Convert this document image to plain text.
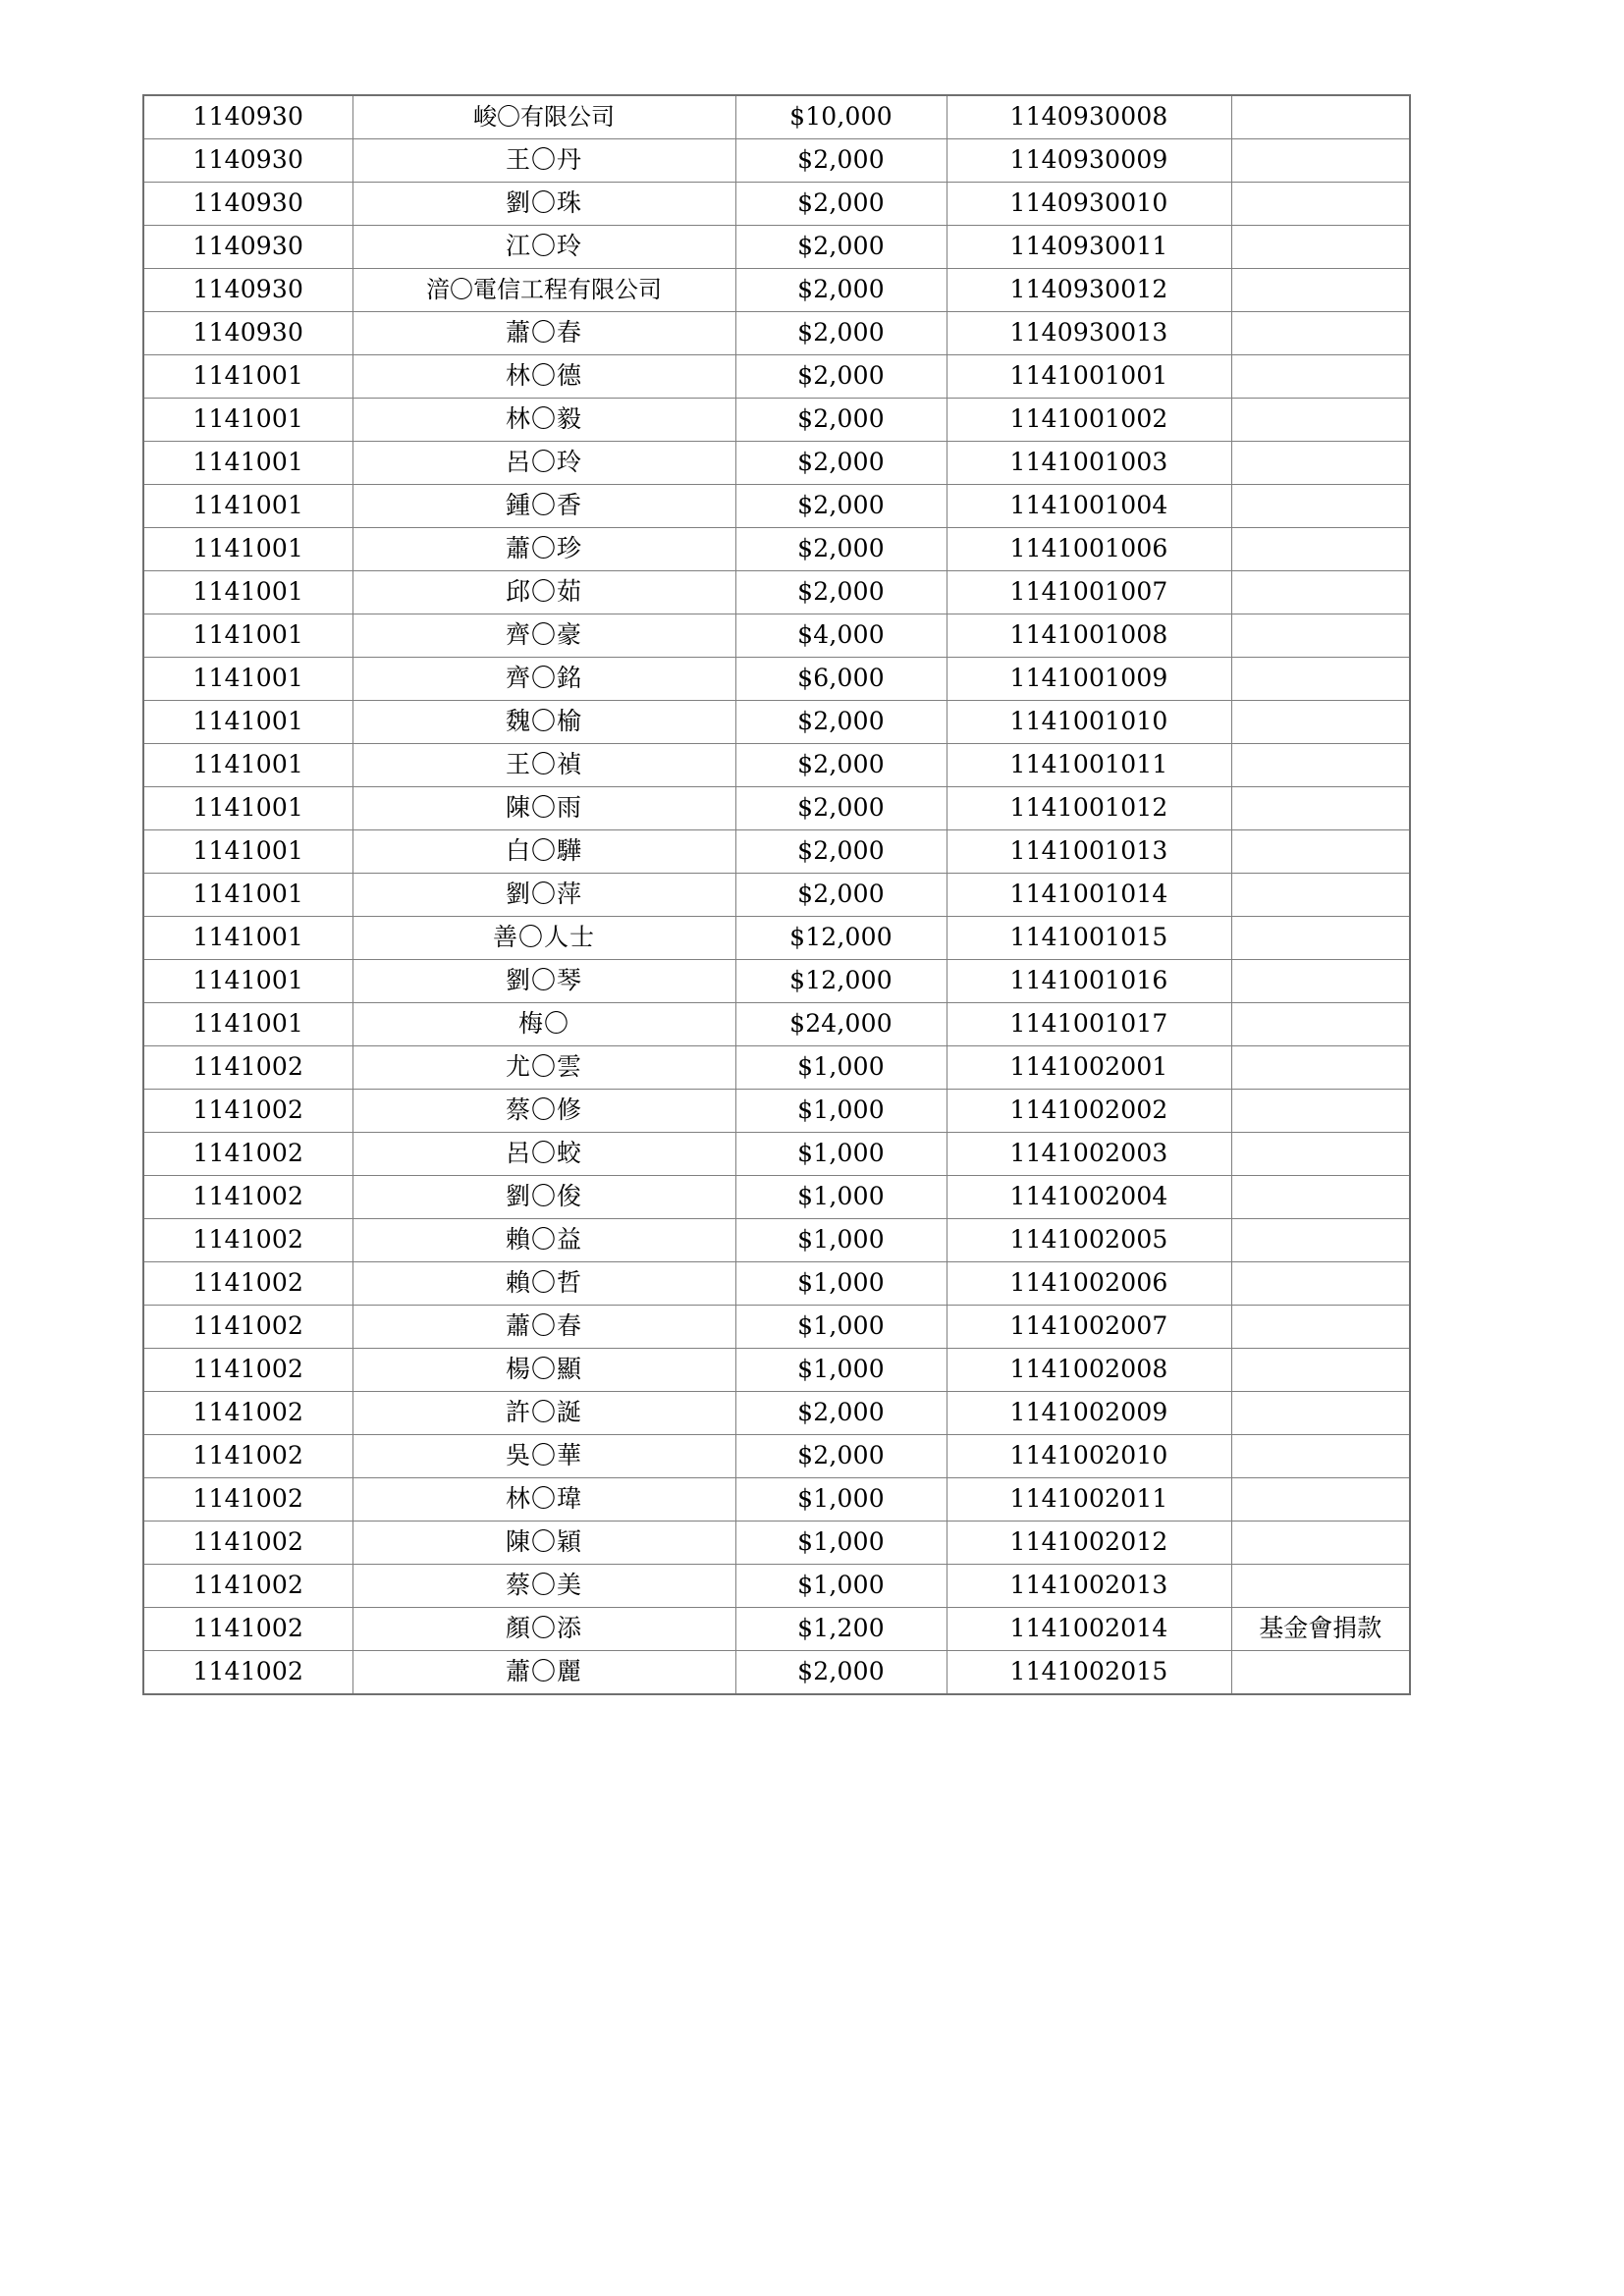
1140930	峻〇有限公司	$10,000	1140930008	
1140930	王〇丹	$2,000	1140930009	
1140930	劉〇珠	$2,000	1140930010	
1140930	江〇玲	$2,000	1140930011	
1140930	湆〇電信工程有限公司	$2,000	1140930012	
1140930	蕭〇春	$2,000	1140930013	
1141001	林〇德	$2,000	1141001001	
1141001	林〇毅	$2,000	1141001002	
1141001	呂〇玲	$2,000	1141001003	
1141001	鍾〇香	$2,000	1141001004	
1141001	蕭〇珍	$2,000	1141001006	
1141001	邱〇茹	$2,000	1141001007	
1141001	齊〇豪	$4,000	1141001008	
1141001	齊〇銘	$6,000	1141001009	
1141001	魏〇榆	$2,000	1141001010	
1141001	王〇禎	$2,000	1141001011	
1141001	陳〇雨	$2,000	1141001012	
1141001	白〇驊	$2,000	1141001013	
1141001	劉〇萍	$2,000	1141001014	
1141001	善〇人士	$12,000	1141001015	
1141001	劉〇琴	$12,000	1141001016	
1141001	梅〇	$24,000	1141001017	
1141002	尤〇雲	$1,000	1141002001	
1141002	蔡〇修	$1,000	1141002002	
1141002	呂〇蛟	$1,000	1141002003	
1141002	劉〇俊	$1,000	1141002004	
1141002	賴〇益	$1,000	1141002005	
1141002	賴〇哲	$1,000	1141002006	
1141002	蕭〇春	$1,000	1141002007	
1141002	楊〇顯	$1,000	1141002008	
1141002	許〇誕	$2,000	1141002009	
1141002	吳〇華	$2,000	1141002010	
1141002	林〇瑋	$1,000	1141002011	
1141002	陳〇穎	$1,000	1141002012	
1141002	蔡〇美	$1,000	1141002013	
1141002	顏〇添	$1,200	1141002014	基金會捐款
1141002	蕭〇麗	$2,000	1141002015	
